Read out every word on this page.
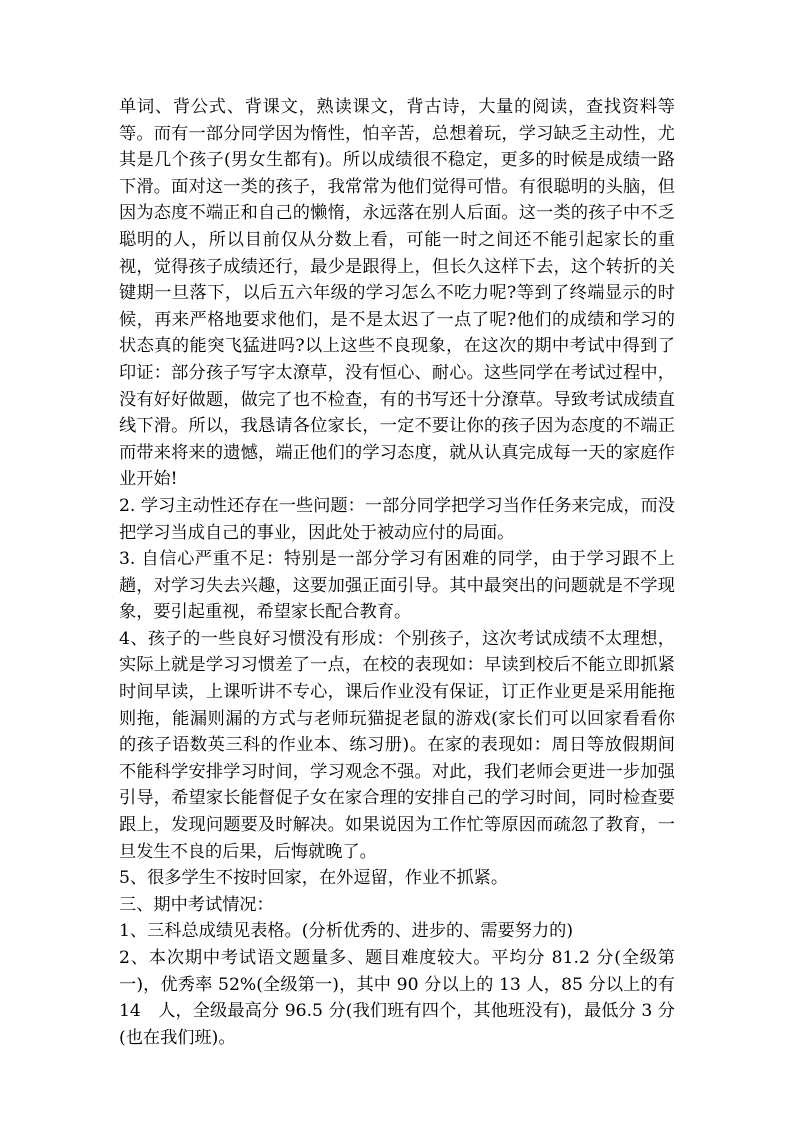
单词、背公式、背课文，熟读课文，背古诗，大量的阅读，查找资料等等。而有一部分同学因为惰性，怕辛苦，总想着玩，学习缺乏主动性，尤其是几个孩子(男女生都有)。所以成绩很不稳定，更多的时候是成绩一路下滑。面对这一类的孩子，我常常为他们觉得可惜。有很聪明的头脑，但因为态度不端正和自己的懒惰，永远落在别人后面。这一类的孩子中不乏聪明的人，所以目前仅从分数上看，可能一时之间还不能引起家长的重视，觉得孩子成绩还行，最少是跟得上，但长久这样下去，这个转折的关键期一旦落下，以后五六年级的学习怎么不吃力呢?等到了终端显示的时候，再来严格地要求他们，是不是太迟了一点了呢?他们的成绩和学习的状态真的能突飞猛进吗?以上这些不良现象，在这次的期中考试中得到了印证：部分孩子写字太潦草，没有恒心、耐心。这些同学在考试过程中，没有好好做题，做完了也不检查，有的书写还十分潦草。导致考试成绩直线下滑。所以，我恳请各位家长，一定不要让你的孩子因为态度的不端正而带来将来的遗憾，端正他们的学习态度，就从认真完成每一天的家庭作业开始!

2. 学习主动性还存在一些问题：一部分同学把学习当作任务来完成，而没把学习当成自己的事业，因此处于被动应付的局面。

3. 自信心严重不足：特别是一部分学习有困难的同学，由于学习跟不上趟，对学习失去兴趣，这要加强正面引导。其中最突出的问题就是不学现象，要引起重视，希望家长配合教育。

4、孩子的一些良好习惯没有形成：个别孩子，这次考试成绩不太理想，实际上就是学习习惯差了一点，在校的表现如：早读到校后不能立即抓紧时间早读，上课听讲不专心，课后作业没有保证，订正作业更是采用能拖则拖，能漏则漏的方式与老师玩猫捉老鼠的游戏(家长们可以回家看看你的孩子语数英三科的作业本、练习册)。在家的表现如：周日等放假期间不能科学安排学习时间，学习观念不强。对此，我们老师会更进一步加强引导，希望家长能督促子女在家合理的安排自己的学习时间，同时检查要跟上，发现问题要及时解决。如果说因为工作忙等原因而疏忽了教育，一旦发生不良的后果，后悔就晚了。

5、很多学生不按时回家，在外逗留，作业不抓紧。

三、期中考试情况：

1、三科总成绩见表格。(分析优秀的、进步的、需要努力的)

2、本次期中考试语文题量多、题目难度较大。平均分 81.2 分(全级第一)，优秀率 52%(全级第一)，其中 90 分以上的 13 人，85 分以上的有 14　人，全级最高分 96.5 分(我们班有四个，其他班没有)，最低分 3 分(也在我们班)。
